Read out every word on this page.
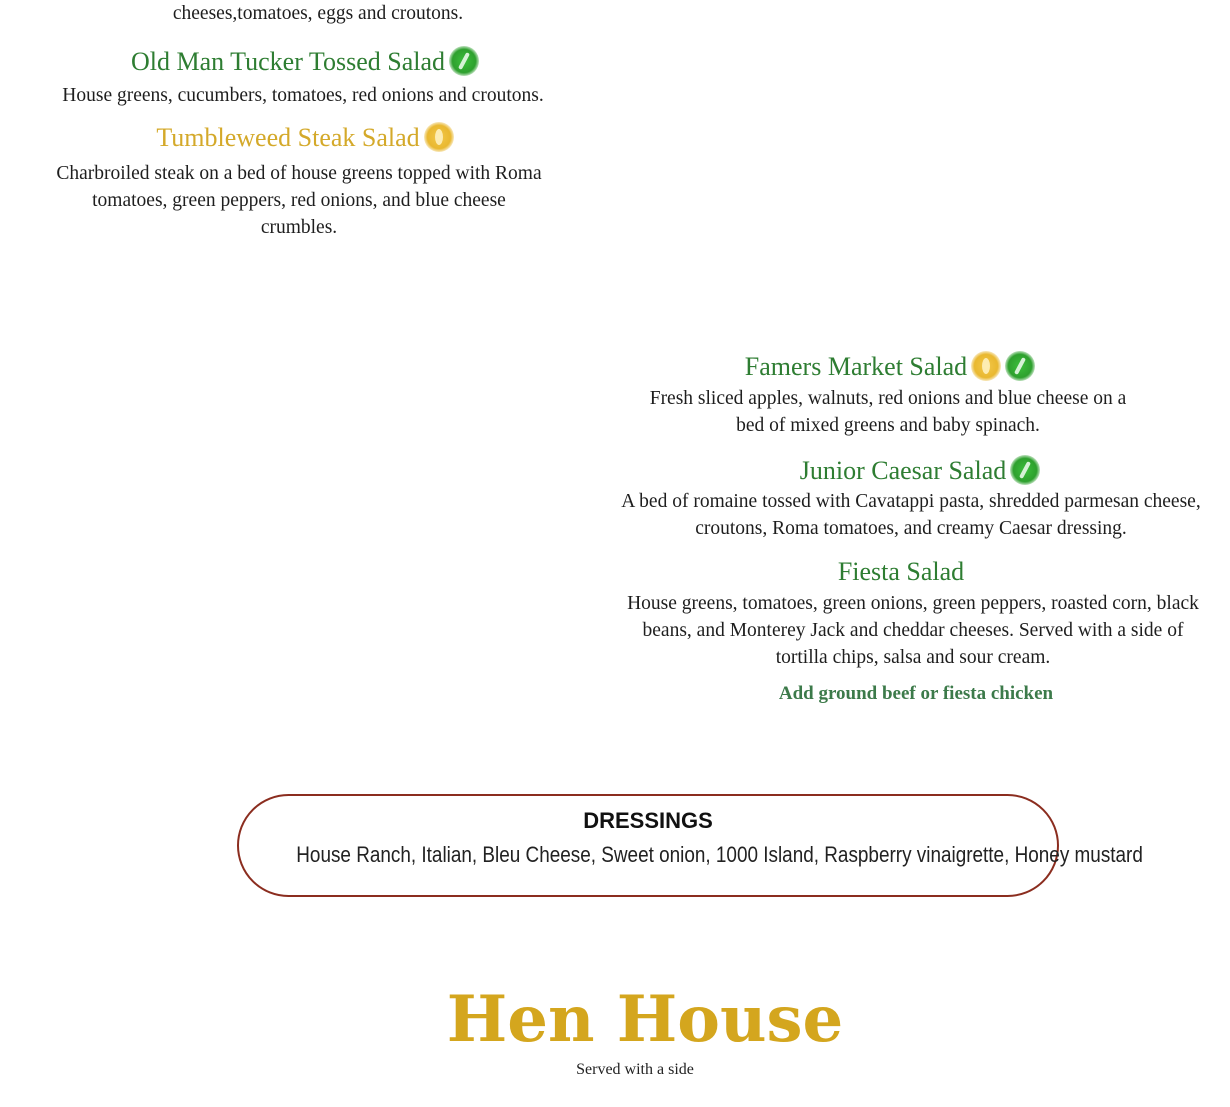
cheeses,tomatoes, eggs and croutons.
Old Man Tucker Tossed Salad
House greens, cucumbers, tomatoes, red onions and croutons.
Tumbleweed Steak Salad
Charbroiled steak on a bed of house greens topped with Roma tomatoes, green peppers, red onions, and blue cheese crumbles.
Famers Market Salad
Fresh sliced apples, walnuts, red onions and blue cheese on a bed of mixed greens and baby spinach.
Junior Caesar Salad
A bed of romaine tossed with Cavatappi pasta, shredded parmesan cheese, croutons, Roma tomatoes, and creamy Caesar dressing.
Fiesta Salad
House greens, tomatoes, green onions, green peppers, roasted corn, black beans, and Monterey Jack and cheddar cheeses. Served with a side of tortilla chips, salsa and sour cream.
Add ground beef or fiesta chicken
DRESSINGS
House Ranch, Italian, Bleu Cheese, Sweet onion, 1000 Island, Raspberry vinaigrette, Honey mustard
Hen House
Served with a side
